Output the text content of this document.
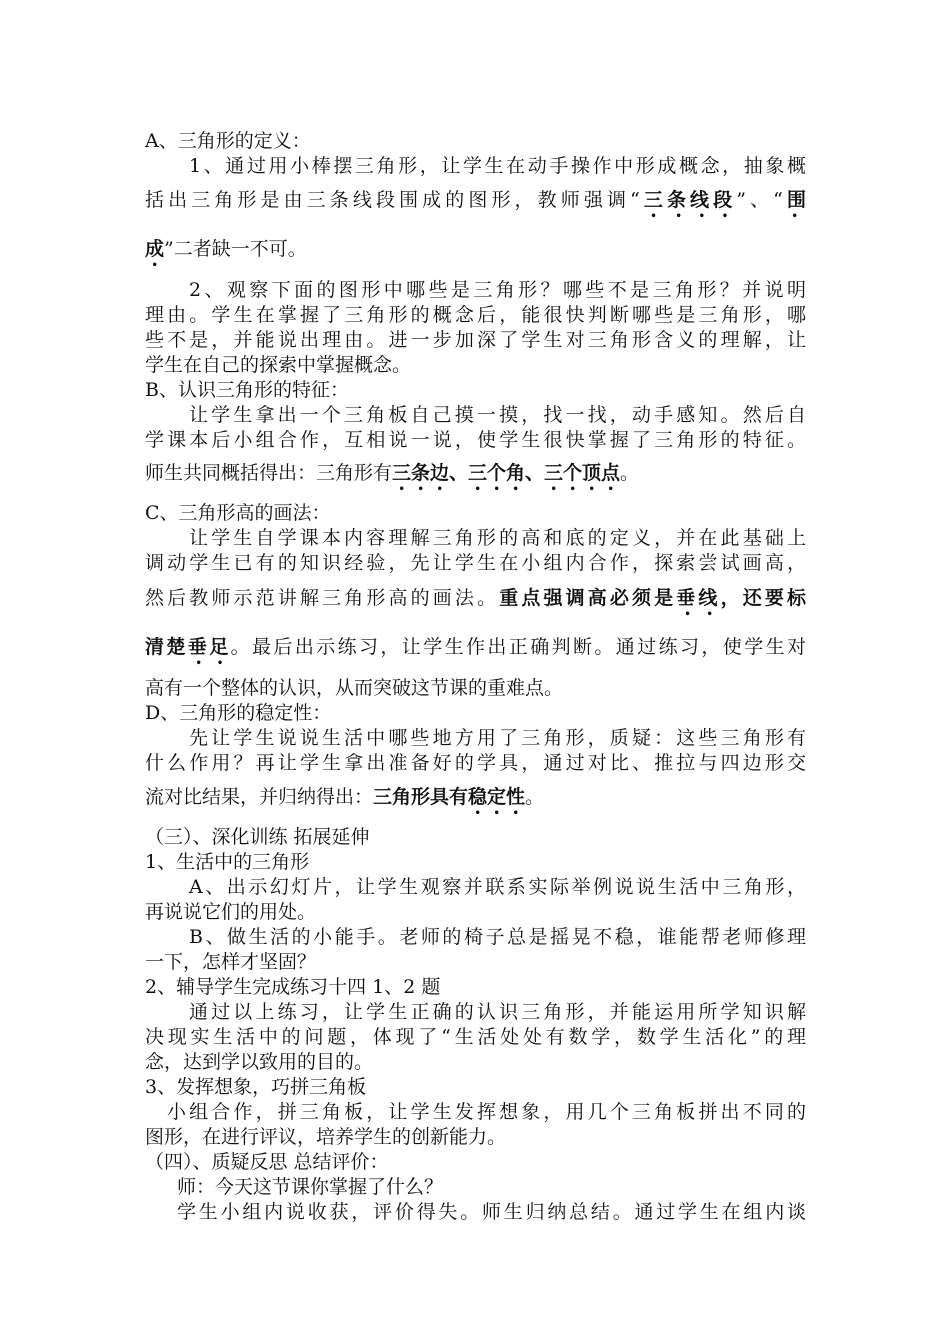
A、三角形的定义：
1、通过用小棒摆三角形，让学生在动手操作中形成概念，抽象概
括出三角形是由三条线段围成的图形，教师强调“三条线段”、“围
成”二者缺一不可。
2、观察下面的图形中哪些是三角形？哪些不是三角形？并说明
理由。学生在掌握了三角形的概念后，能很快判断哪些是三角形，哪
些不是，并能说出理由。进一步加深了学生对三角形含义的理解，让
学生在自己的探索中掌握概念。
B、认识三角形的特征：
让学生拿出一个三角板自己摸一摸，找一找，动手感知。然后自
学课本后小组合作，互相说一说，使学生很快掌握了三角形的特征。
师生共同概括得出：三角形有三条边、三个角、三个顶点。
C、三角形高的画法：
让学生自学课本内容理解三角形的高和底的定义，并在此基础上
调动学生已有的知识经验，先让学生在小组内合作，探索尝试画高，
然后教师示范讲解三角形高的画法。重点强调高必须是垂线，还要标
清楚垂足。最后出示练习，让学生作出正确判断。通过练习，使学生对
高有一个整体的认识，从而突破这节课的重难点。
D、三角形的稳定性：
先让学生说说生活中哪些地方用了三角形，质疑：这些三角形有
什么作用？再让学生拿出准备好的学具，通过对比、推拉与四边形交
流对比结果，并归纳得出：三角形具有稳定性。
（三）、深化训练 拓展延伸
1、生活中的三角形
A、出示幻灯片，让学生观察并联系实际举例说说生活中三角形，
再说说它们的用处。
B、做生活的小能手。老师的椅子总是摇晃不稳，谁能帮老师修理
一下，怎样才坚固？
2、辅导学生完成练习十四 1、2 题
通过以上练习，让学生正确的认识三角形，并能运用所学知识解
决现实生活中的问题，体现了“生活处处有数学，数学生活化”的理
念，达到学以致用的目的。
3、发挥想象，巧拼三角板
小组合作，拼三角板，让学生发挥想象，用几个三角板拼出不同的
图形，在进行评议，培养学生的创新能力。
（四）、质疑反思 总结评价：
师：今天这节课你掌握了什么？
学生小组内说收获，评价得失。师生归纳总结。通过学生在组内谈
